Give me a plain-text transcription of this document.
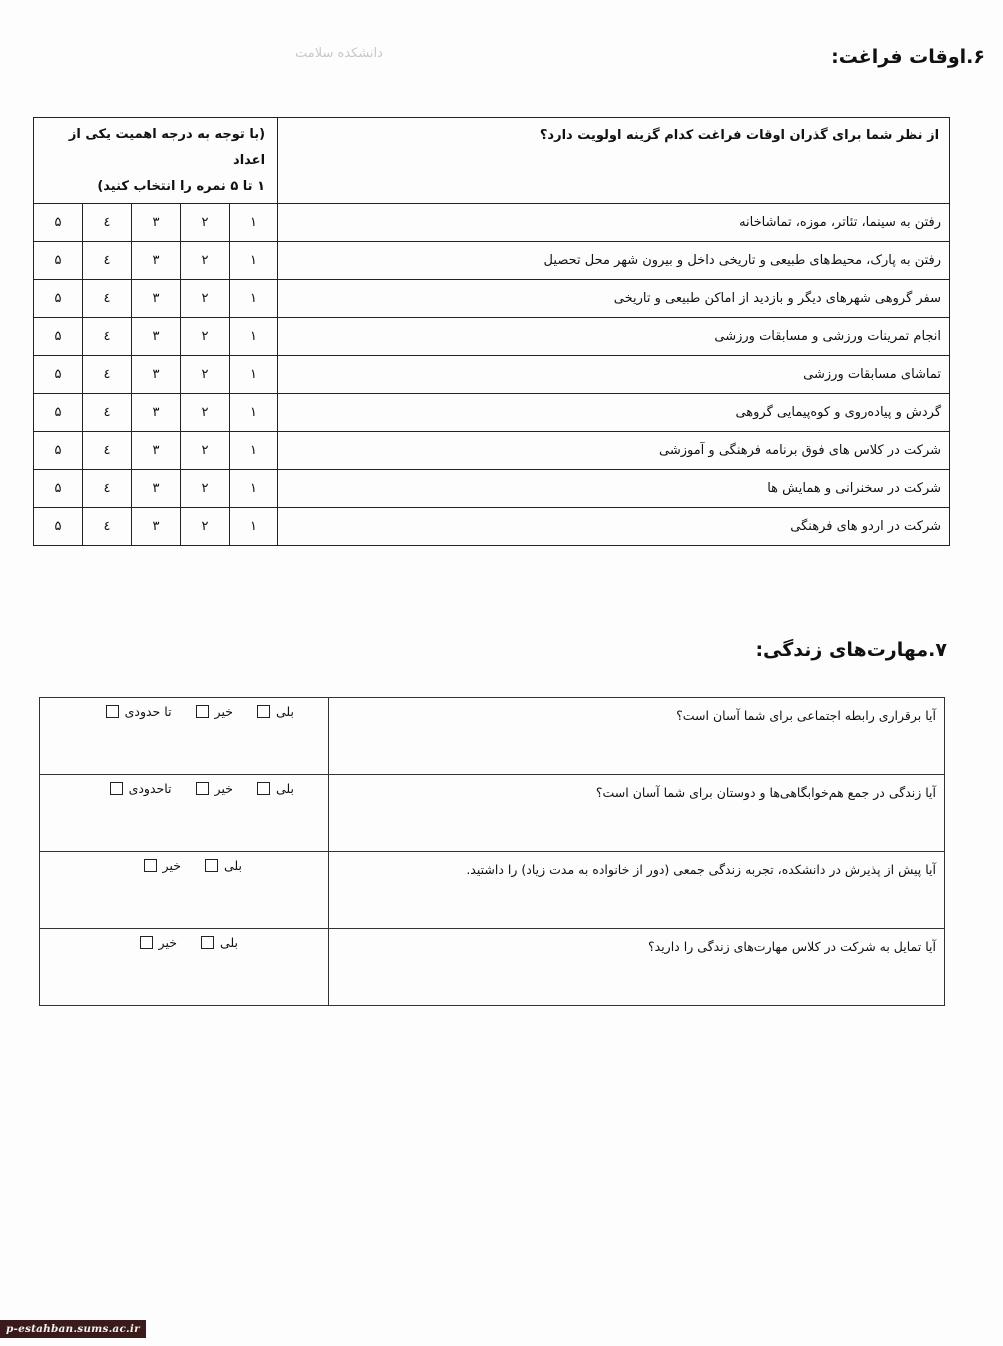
دانشکده سلامت	۶.اوقات فراغت:
از نظر شما برای گذران اوقات فراغت کدام گزینه اولویت دارد؟	(با توجه به درجه اهمیت یکی از اعداد
۱ تا ۵ نمره را انتخاب کنید)				

رفتن به سینما، تئاتر، موزه، تماشاخانه	۱	۲	۳	٤	۵
رفتن به پارک، محیط‌های طبیعی و تاریخی داخل و بیرون شهر محل تحصیل	۱	۲	۳	٤	۵
سفر گروهی شهرهای دیگر و بازدید از اماکن طبیعی و تاریخی	۱	۲	۳	٤	۵
انجام تمرینات ورزشی و مسابقات ورزشی	۱	۲	۳	٤	۵
تماشای مسابقات ورزشی	۱	۲	۳	٤	۵
گردش و پیاده‌روی و کوه‌پیمایی گروهی	۱	۲	۳	٤	۵
شرکت در کلاس های فوق برنامه فرهنگی و آموزشی	۱	۲	۳	٤	۵
شرکت در سخنرانی و همایش ها	۱	۲	۳	٤	۵
شرکت در اردو های فرهنگی	۱	۲	۳	٤	۵
۷.مهارت‌های زندگی:
آیا برقراری رابطه اجتماعی برای شما آسان است؟	بلی
خیر
تا حدودی

آیا زندگی در جمع هم‌خوابگاهی‌ها و دوستان برای شما آسان است؟	بلی
خیر
تاحدودی

آیا پیش از پذیرش در دانشکده، تجربه زندگی جمعی (دور از خانواده به مدت زیاد) را داشتید.	بلی
خیر

آیا تمایل به شرکت در کلاس مهارت‌های زندگی را دارید؟	بلی
خیر
p-estahban.sums.ac.ir
